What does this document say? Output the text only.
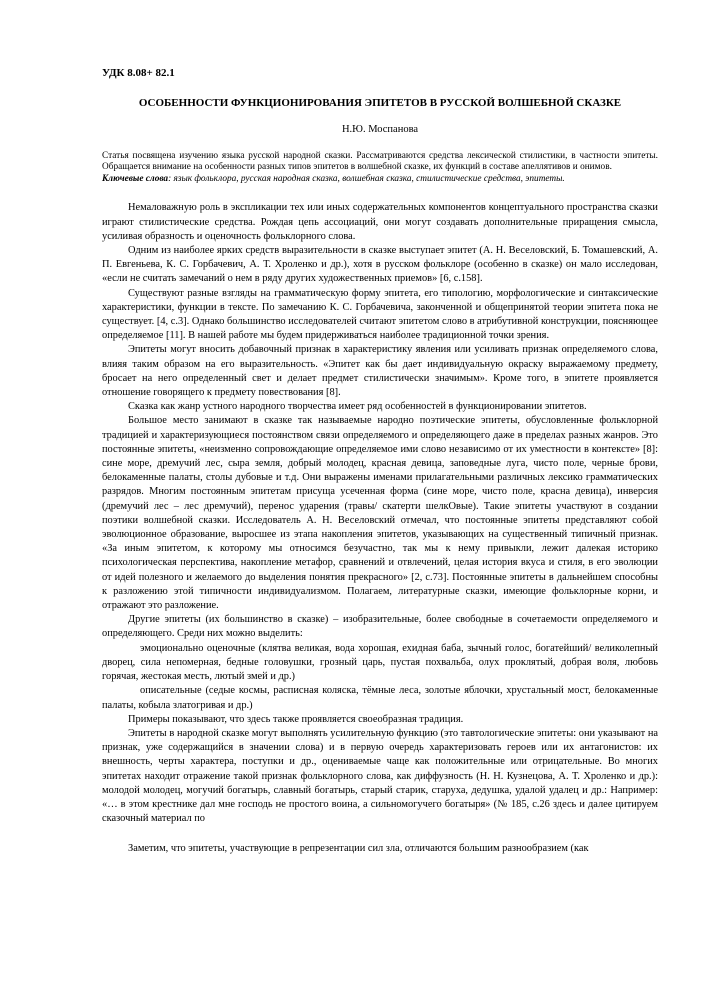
УДК 8.08+ 82.1
ОСОБЕННОСТИ ФУНКЦИОНИРОВАНИЯ ЭПИТЕТОВ В РУССКОЙ ВОЛШЕБНОЙ СКАЗКЕ
Н.Ю. Моспанова
Статья посвящена изучению языка русской народной сказки. Рассматриваются средства лексической стилистики, в частности эпитеты. Обращается внимание на особенности разных типов эпитетов в волшебной сказке, их функций в составе апеллятивов и онимов.
Ключевые слова: язык фольклора, русская народная сказка, волшебная сказка, стилистические средства, эпитеты.

Немаловажную роль в экспликации тех или иных содержательных компонентов концептуального пространства сказки играют стилистические средства. Рождая цепь ассоциаций, они могут создавать дополнительные приращения смысла, усиливая образность и оценочность фольклорного слова.

Одним из наиболее ярких средств выразительности в сказке выступает эпитет (А. Н. Веселовский, Б. Томашевский, А. П. Евгеньева, К. С. Горбачевич, А. Т. Хроленко и др.), хотя в русском фольклоре (особенно в сказке) он мало исследован, «если не считать замечаний о нем в ряду других художественных приемов» [6, с.158].

Существуют разные взгляды на грамматическую форму эпитета, его типологию, морфологические и синтаксические характеристики, функции в тексте. По замечанию К. С. Горбачевича, законченной и общепринятой теории эпитета пока не существует. [4, с.3]. Однако большинство исследователей считают эпитетом слово в атрибутивной конструкции, поясняющее определяемое [11]. В нашей работе мы будем придерживаться наиболее традиционной точки зрения.

Эпитеты могут вносить добавочный признак в характеристику явления или усиливать признак определяемого слова, влияя таким образом на его выразительность. «Эпитет как бы дает индивидуальную окраску выражаемому предмету, бросает на него определенный свет и делает предмет стилистически значимым». Кроме того, в эпитете проявляется отношение говорящего к предмету повествования [8].

Сказка как жанр устного народного творчества имеет ряд особенностей в функционировании эпитетов.

Большое место занимают в сказке так называемые народно поэтические эпитеты, обусловленные фольклорной традицией и характеризующиеся постоянством связи определяемого и определяющего даже в пределах разных жанров. Это постоянные эпитеты, «неизменно сопровождающие определяемое ими слово независимо от их уместности в контексте» [8]: сине море, дремучий лес, сыра земля, добрый молодец, красная девица, заповедные луга, чисто поле, черные брови, белокаменные палаты, столы дубовые и т.д. Они выражены именами прилагательными различных лексико грамматических разрядов. Многим постоянным эпитетам присуща усеченная форма (сине море, чисто поле, красна девица), инверсия (дремучий лес – лес дремучий), перенос ударения (травы/ скатерти шелкОвые). Такие эпитеты участвуют в создании поэтики волшебной сказки. Исследователь А. Н. Веселовский отмечал, что постоянные эпитеты представляют собой эволюционное образование, выросшее из этапа накопления эпитетов, указывающих на существенный типичный признак. «За иным эпитетом, к которому мы относимся безучастно, так мы к нему привыкли, лежит далекая историко психологическая перспектива, накопление метафор, сравнений и отвлечений, целая история вкуса и стиля, в его эволюции от идей полезного и желаемого до выделения понятия прекрасного» [2, с.73]. Постоянные эпитеты в дальнейшем способны к разложению этой типичности индивидуализмом. Полагаем, литературные сказки, имеющие фольклорные корни, и отражают это разложение.

Другие эпитеты (их большинство в сказке) – изобразительные, более свободные в сочетаемости определяемого и определяющего. Среди них можно выделить:

эмоционально оценочные (клятва великая, вода хорошая, ехидная баба, зычный голос, богатейший/ великолепный дворец, сила непомерная, бедные головушки, грозный царь, пустая похвальба, олух проклятый, добрая воля, любовь горячая, жестокая месть, лютый змей и др.)

описательные (седые космы, расписная коляска, тёмные леса, золотые яблочки, хрустальный мост, белокаменные палаты, кобыла златогривая и др.)

Примеры показывают, что здесь также проявляется своеобразная традиция.

Эпитеты в народной сказке могут выполнять усилительную функцию (это тавтологические эпитеты: они указывают на признак, уже содержащийся в значении слова) и в первую очередь характеризовать героев или их антагонистов: их внешность, черты характера, поступки и др., оцениваемые чаще как положительные или отрицательные. Во многих эпитетах находит отражение такой признак фольклорного слова, как диффузность (Н. Н. Кузнецова, А. Т. Хроленко и др.): молодой молодец, могучий богатырь, славный богатырь, старый старик, старуха, дедушка, удалой удалец и др.: Например: «… в этом крестнике дал мне господь не простого воина, а сильномогучего богатыря» (№ 185, с.26 здесь и далее цитируем сказочный материал по

Заметим, что эпитеты, участвующие в репрезентации сил зла, отличаются большим разнообразием (как
